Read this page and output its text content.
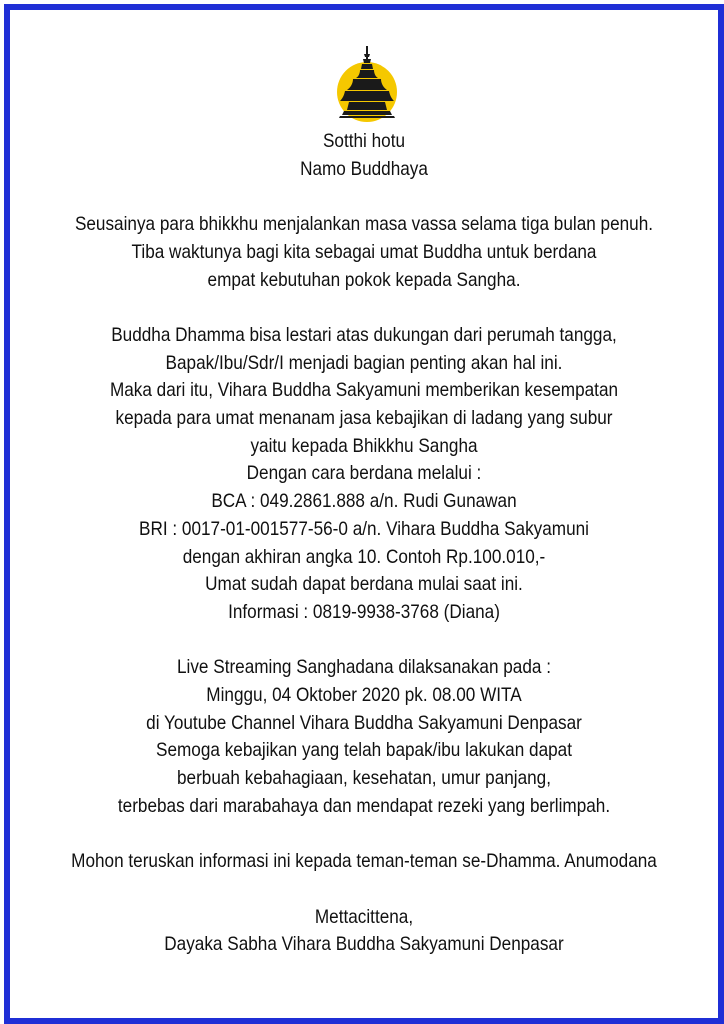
Sotthi hotu
Namo Buddhaya
Seusainya para bhikkhu menjalankan masa vassa selama tiga bulan penuh.
Tiba waktunya bagi kita sebagai umat Buddha untuk berdana
empat kebutuhan pokok kepada Sangha.
Buddha Dhamma bisa lestari atas dukungan dari perumah tangga,
Bapak/Ibu/Sdr/I menjadi bagian penting akan hal ini.
Maka dari itu, Vihara Buddha Sakyamuni memberikan kesempatan
kepada para umat menanam jasa kebajikan di ladang yang subur
yaitu kepada Bhikkhu Sangha
Dengan cara berdana melalui :
BCA : 049.2861.888 a/n. Rudi Gunawan
BRI : 0017-01-001577-56-0 a/n. Vihara Buddha Sakyamuni
dengan akhiran angka 10. Contoh Rp.100.010,-
Umat sudah dapat berdana mulai saat ini.
Informasi : 0819-9938-3768 (Diana)
Live Streaming Sanghadana dilaksanakan pada :
Minggu, 04 Oktober 2020 pk. 08.00 WITA
di Youtube Channel Vihara Buddha Sakyamuni Denpasar
Semoga kebajikan yang telah bapak/ibu lakukan dapat
berbuah kebahagiaan, kesehatan, umur panjang,
terbebas dari marabahaya dan mendapat rezeki yang berlimpah.
Mohon teruskan informasi ini kepada teman-teman se-Dhamma. Anumodana
Mettacittena,
Dayaka Sabha Vihara Buddha Sakyamuni Denpasar
